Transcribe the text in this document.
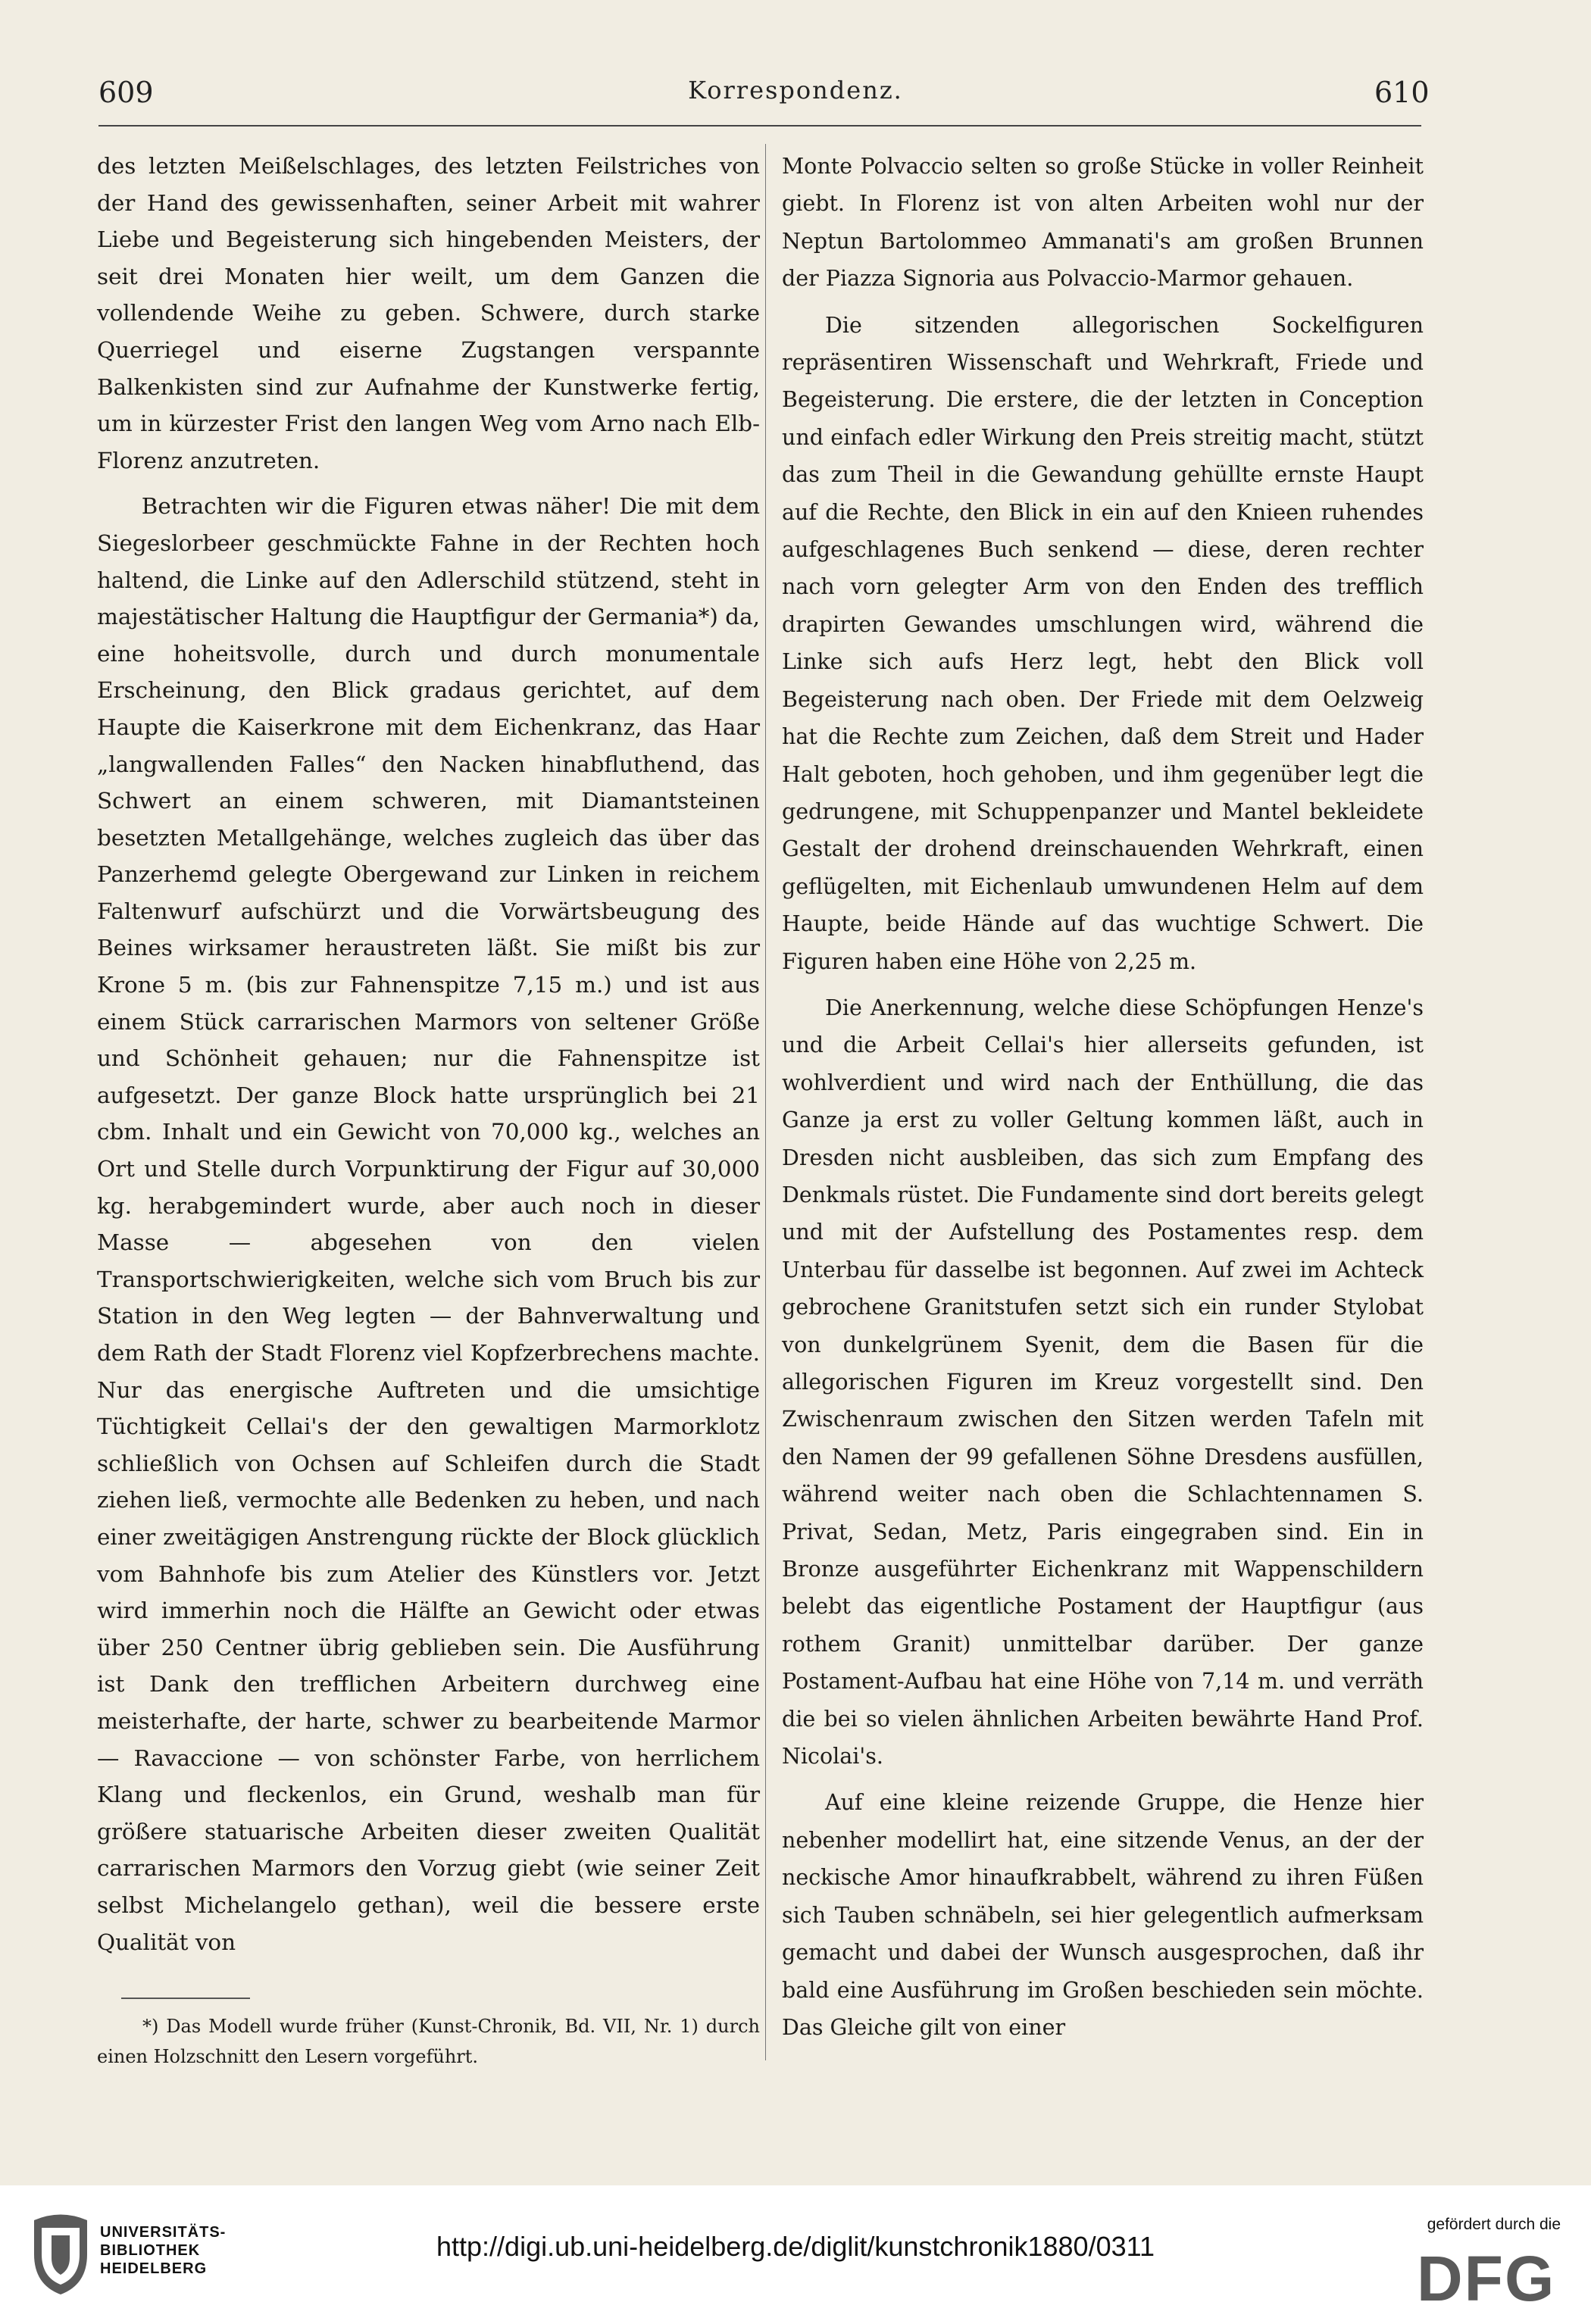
609	Korrespondenz.	610

des letzten Meißelschlages, des letzten Feilstriches von der Hand des gewissenhaften, seiner Arbeit mit wahrer Liebe und Begeisterung sich hingebenden Meisters, der seit drei Monaten hier weilt, um dem Ganzen die vollendende Weihe zu geben. Schwere, durch starke Querriegel und eiserne Zugstangen verspannte Balkenkisten sind zur Aufnahme der Kunstwerke fertig, um in kürzester Frist den langen Weg vom Arno nach Elb-Florenz anzutreten.

Betrachten wir die Figuren etwas näher! Die mit dem Siegeslorbeer geschmückte Fahne in der Rechten hoch haltend, die Linke auf den Adlerschild stützend, steht in majestätischer Haltung die Hauptfigur der Germania*) da, eine hoheitsvolle, durch und durch monumentale Erscheinung, den Blick gradaus gerichtet, auf dem Haupte die Kaiserkrone mit dem Eichenkranz, das Haar „langwallenden Falles“ den Nacken hinabfluthend, das Schwert an einem schweren, mit Diamantsteinen besetzten Metallgehänge, welches zugleich das über das Panzerhemd gelegte Obergewand zur Linken in reichem Faltenwurf aufschürzt und die Vorwärtsbeugung des Beines wirksamer heraustreten läßt. Sie mißt bis zur Krone 5 m. (bis zur Fahnenspitze 7,15 m.) und ist aus einem Stück carrarischen Marmors von seltener Größe und Schönheit gehauen; nur die Fahnenspitze ist aufgesetzt. Der ganze Block hatte ursprünglich bei 21 cbm. Inhalt und ein Gewicht von 70,000 kg., welches an Ort und Stelle durch Vorpunktirung der Figur auf 30,000 kg. herabgemindert wurde, aber auch noch in dieser Masse — abgesehen von den vielen Transportschwierigkeiten, welche sich vom Bruch bis zur Station in den Weg legten — der Bahnverwaltung und dem Rath der Stadt Florenz viel Kopfzerbrechens machte. Nur das energische Auftreten und die umsichtige Tüchtigkeit Cellai's der den gewaltigen Marmorklotz schließlich von Ochsen auf Schleifen durch die Stadt ziehen ließ, vermochte alle Bedenken zu heben, und nach einer zweitägigen Anstrengung rückte der Block glücklich vom Bahnhofe bis zum Atelier des Künstlers vor. Jetzt wird immerhin noch die Hälfte an Gewicht oder etwas über 250 Centner übrig geblieben sein. Die Ausführung ist Dank den trefflichen Arbeitern durchweg eine meisterhafte, der harte, schwer zu bearbeitende Marmor — Ravaccione — von schönster Farbe, von herrlichem Klang und fleckenlos, ein Grund, weshalb man für größere statuarische Arbeiten dieser zweiten Qualität carrarischen Marmors den Vorzug giebt (wie seiner Zeit selbst Michelangelo gethan), weil die bessere erste Qualität von

Monte Polvaccio selten so große Stücke in voller Reinheit giebt. In Florenz ist von alten Arbeiten wohl nur der Neptun Bartolommeo Ammanati's am großen Brunnen der Piazza Signoria aus Polvaccio-Marmor gehauen.

Die sitzenden allegorischen Sockelfiguren repräsentiren Wissenschaft und Wehrkraft, Friede und Begeisterung. Die erstere, die der letzten in Conception und einfach edler Wirkung den Preis streitig macht, stützt das zum Theil in die Gewandung gehüllte ernste Haupt auf die Rechte, den Blick in ein auf den Knieen ruhendes aufgeschlagenes Buch senkend — diese, deren rechter nach vorn gelegter Arm von den Enden des trefflich drapirten Gewandes umschlungen wird, während die Linke sich aufs Herz legt, hebt den Blick voll Begeisterung nach oben. Der Friede mit dem Oelzweig hat die Rechte zum Zeichen, daß dem Streit und Hader Halt geboten, hoch gehoben, und ihm gegenüber legt die gedrungene, mit Schuppenpanzer und Mantel bekleidete Gestalt der drohend dreinschauenden Wehrkraft, einen geflügelten, mit Eichenlaub umwundenen Helm auf dem Haupte, beide Hände auf das wuchtige Schwert. Die Figuren haben eine Höhe von 2,25 m.

Die Anerkennung, welche diese Schöpfungen Henze's und die Arbeit Cellai's hier allerseits gefunden, ist wohlverdient und wird nach der Enthüllung, die das Ganze ja erst zu voller Geltung kommen läßt, auch in Dresden nicht ausbleiben, das sich zum Empfang des Denkmals rüstet. Die Fundamente sind dort bereits gelegt und mit der Aufstellung des Postamentes resp. dem Unterbau für dasselbe ist begonnen. Auf zwei im Achteck gebrochene Granitstufen setzt sich ein runder Stylobat von dunkelgrünem Syenit, dem die Basen für die allegorischen Figuren im Kreuz vorgestellt sind. Den Zwischenraum zwischen den Sitzen werden Tafeln mit den Namen der 99 gefallenen Söhne Dresdens ausfüllen, während weiter nach oben die Schlachtennamen S. Privat, Sedan, Metz, Paris eingegraben sind. Ein in Bronze ausgeführter Eichenkranz mit Wappenschildern belebt das eigentliche Postament der Hauptfigur (aus rothem Granit) unmittelbar darüber. Der ganze Postament-Aufbau hat eine Höhe von 7,14 m. und verräth die bei so vielen ähnlichen Arbeiten bewährte Hand Prof. Nicolai's.

Auf eine kleine reizende Gruppe, die Henze hier nebenher modellirt hat, eine sitzende Venus, an der der neckische Amor hinaufkrabbelt, während zu ihren Füßen sich Tauben schnäbeln, sei hier gelegentlich aufmerksam gemacht und dabei der Wunsch ausgesprochen, daß ihr bald eine Ausführung im Großen beschieden sein möchte. Das Gleiche gilt von einer

*) Das Modell wurde früher (Kunst-Chronik, Bd. VII, Nr. 1) durch einen Holzschnitt den Lesern vorgeführt.

UNIVERSITÄTS-
BIBLIOTHEK
HEIDELBERG
http://digi.ub.uni-heidelberg.de/diglit/kunstchronik1880/0311
gefördert durch die
DFG
